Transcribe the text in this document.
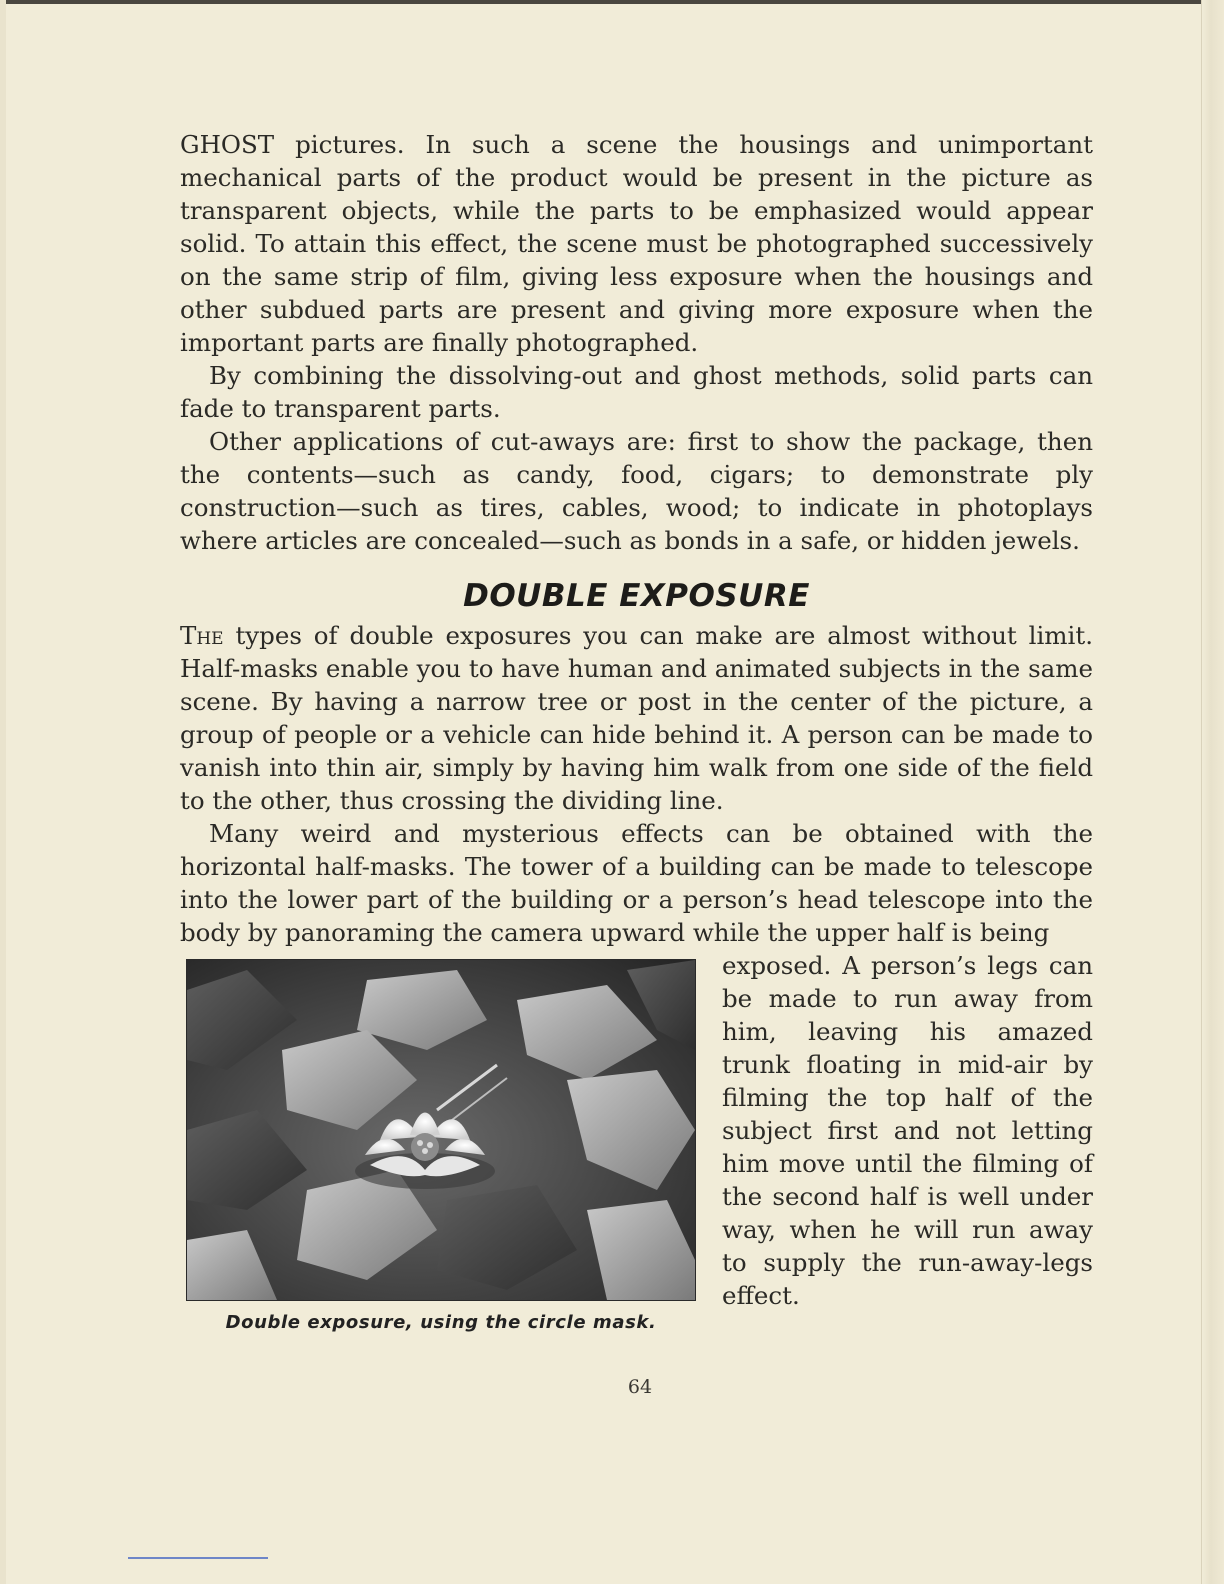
GHOST pictures. In such a scene the housings and unimportant mechanical parts of the product would be present in the picture as transparent objects, while the parts to be emphasized would appear solid. To attain this effect, the scene must be photographed successively on the same strip of film, giving less exposure when the housings and other subdued parts are present and giving more exposure when the important parts are finally photographed.

By combining the dissolving-out and ghost methods, solid parts can fade to transparent parts.

Other applications of cut-aways are: first to show the package, then the contents—such as candy, food, cigars; to demonstrate ply construction—such as tires, cables, wood; to indicate in photoplays where articles are concealed—such as bonds in a safe, or hidden jewels.

DOUBLE EXPOSURE

The types of double exposures you can make are almost without limit. Half-masks enable you to have human and animated subjects in the same scene. By having a narrow tree or post in the center of the picture, a group of people or a vehicle can hide behind it. A person can be made to vanish into thin air, simply by having him walk from one side of the field to the other, thus crossing the dividing line.

Many weird and mysterious effects can be obtained with the horizontal half-masks. The tower of a building can be made to telescope into the lower part of the building or a person’s head telescope into the body by panoraming the camera upward while the upper half is being

Double exposure, using the circle mask.

exposed. A person’s legs can be made to run away from him, leaving his amazed trunk floating in mid-air by filming the top half of the subject first and not letting him move until the filming of the second half is well under way, when he will run away to supply the run-away-legs effect.

64
